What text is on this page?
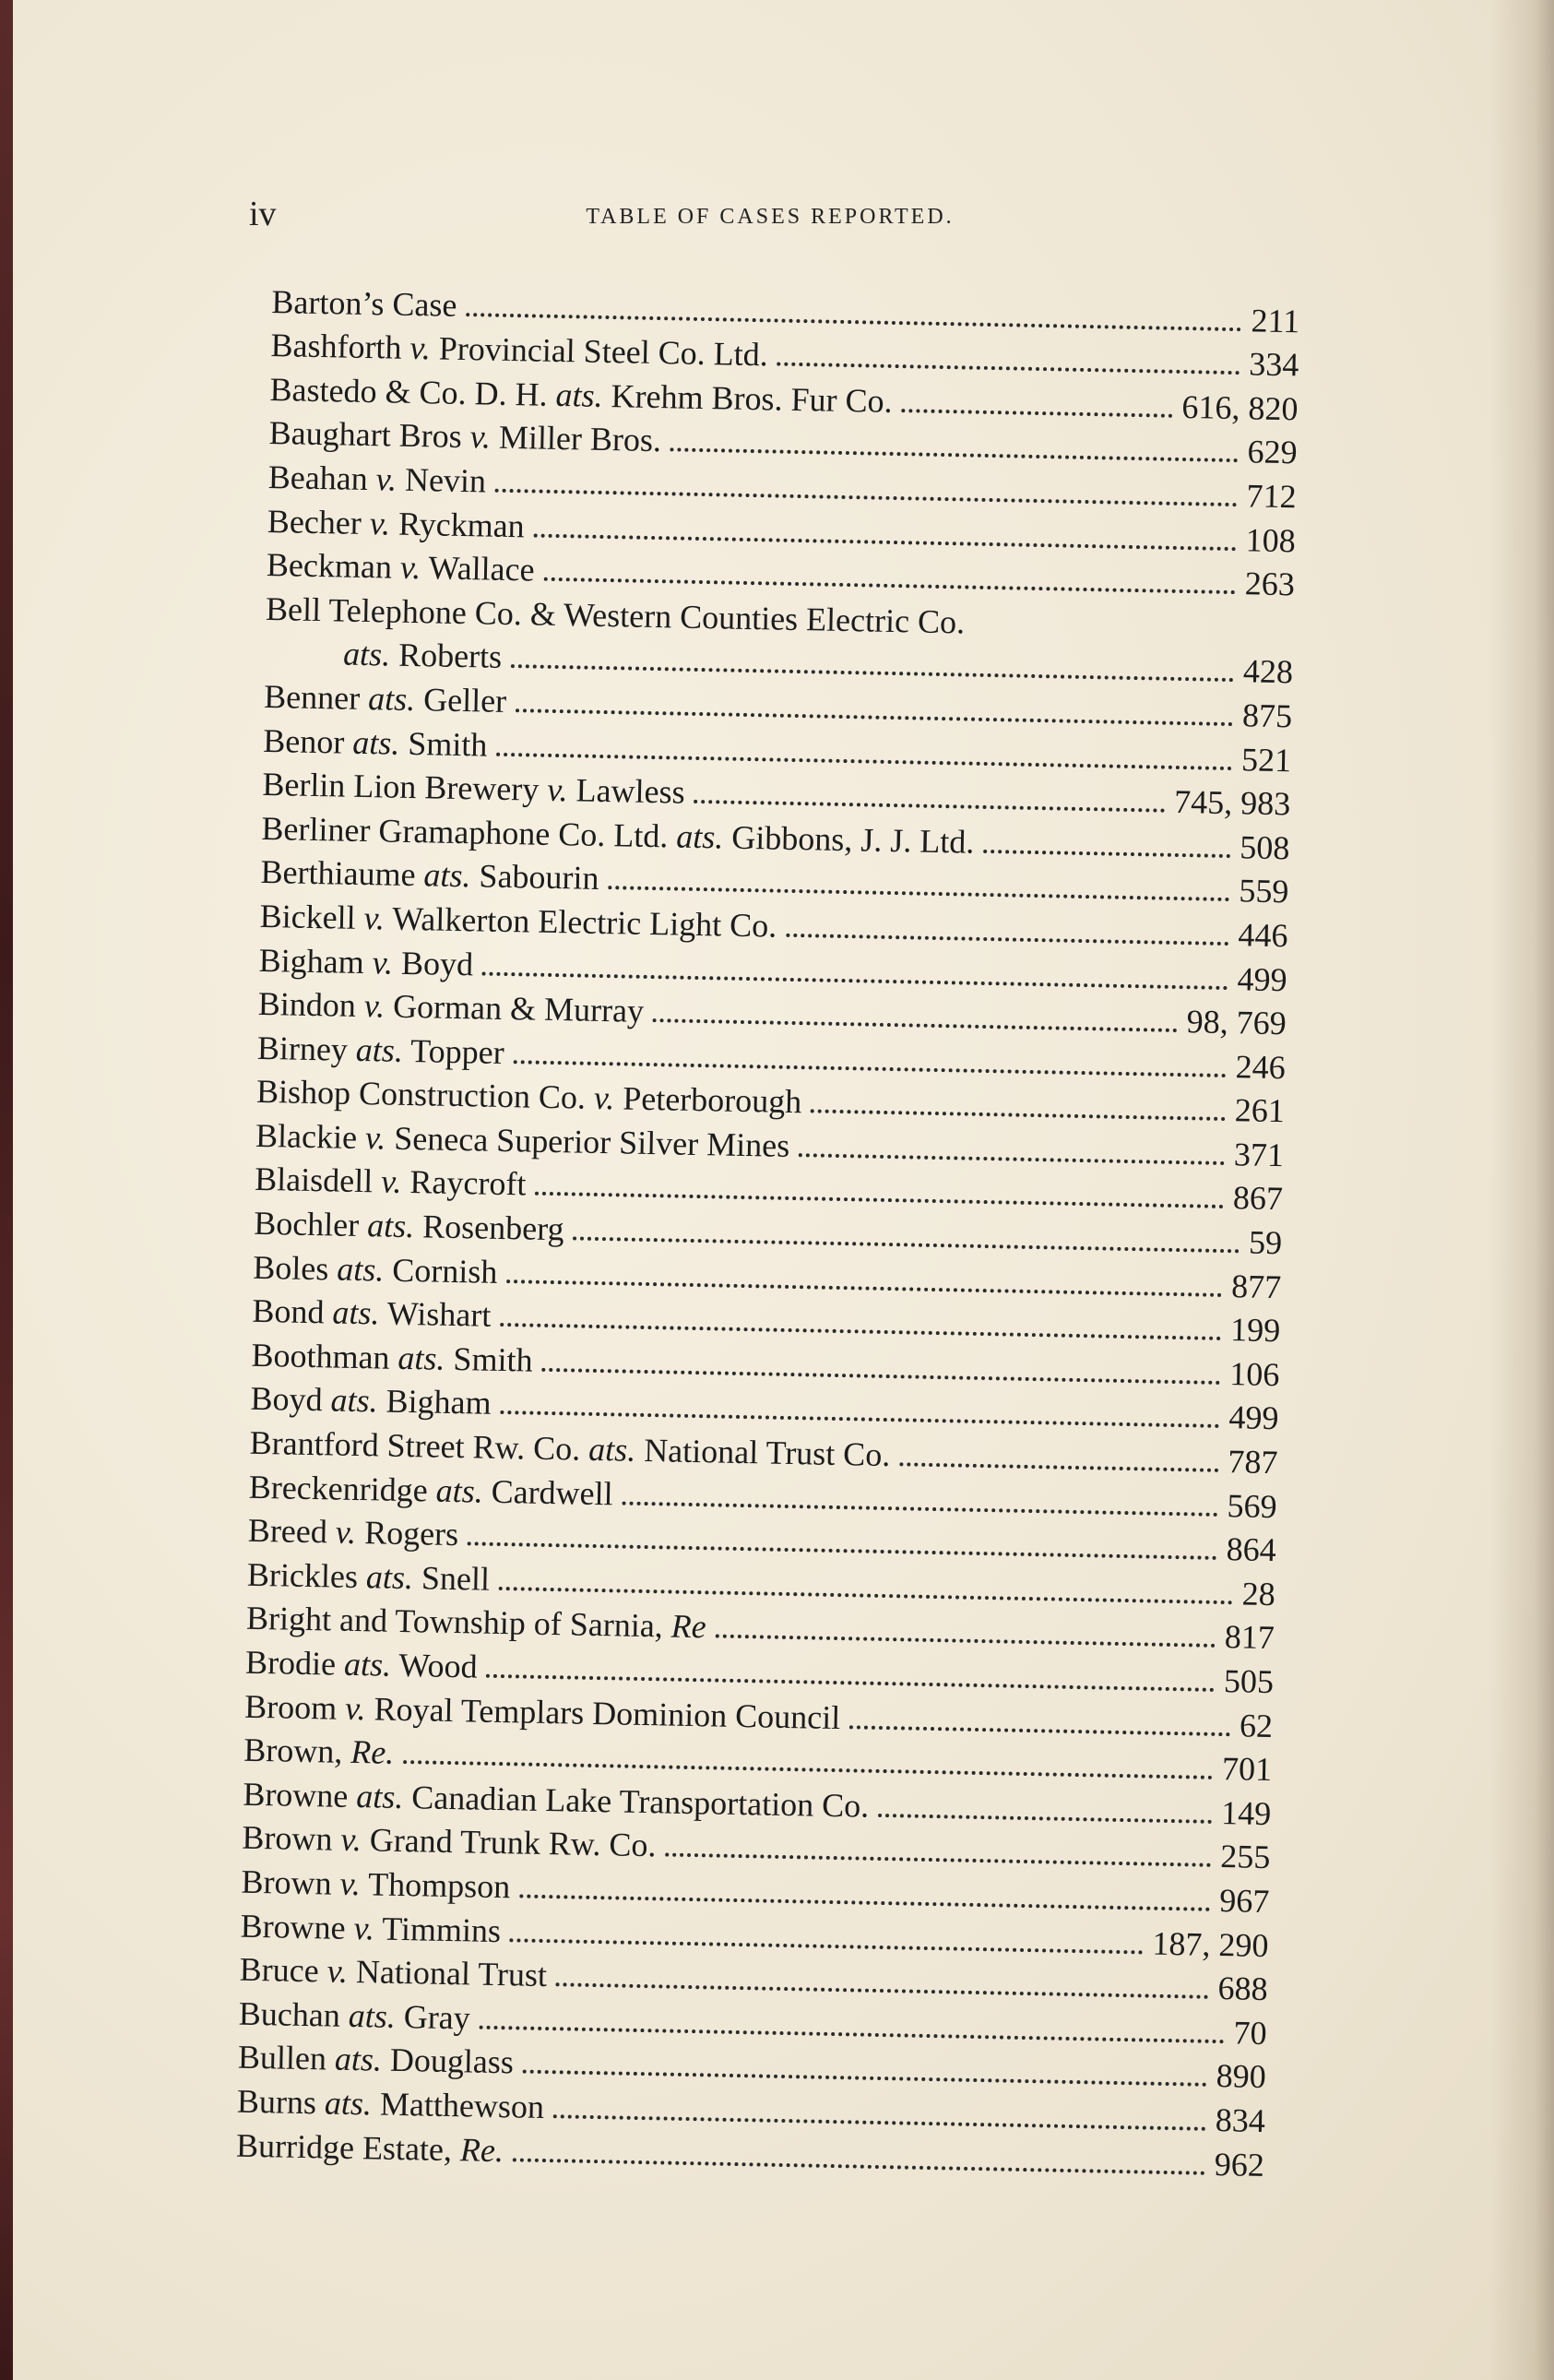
iv	TABLE OF CASES REPORTED.
Barton’s Case	211
Bashforth v. Provincial Steel Co. Ltd.	334
Bastedo & Co. D. H. ats. Krehm Bros. Fur Co.	616, 820
Baughart Bros v. Miller Bros.	629
Beahan v. Nevin	712
Becher v. Ryckman	108
Beckman v. Wallace	263
Bell Telephone Co. & Western Counties Electric Co.
ats. Roberts	428
Benner ats. Geller	875
Benor ats. Smith	521
Berlin Lion Brewery v. Lawless	745, 983
Berliner Gramaphone Co. Ltd. ats. Gibbons, J. J. Ltd.	508
Berthiaume ats. Sabourin	559
Bickell v. Walkerton Electric Light Co.	446
Bigham v. Boyd	499
Bindon v. Gorman & Murray	98, 769
Birney ats. Topper	246
Bishop Construction Co. v. Peterborough	261
Blackie v. Seneca Superior Silver Mines	371
Blaisdell v. Raycroft	867
Bochler ats. Rosenberg	59
Boles ats. Cornish	877
Bond ats. Wishart	199
Boothman ats. Smith	106
Boyd ats. Bigham	499
Brantford Street Rw. Co. ats. National Trust Co.	787
Breckenridge ats. Cardwell	569
Breed v. Rogers	864
Brickles ats. Snell	28
Bright and Township of Sarnia, Re	817
Brodie ats. Wood	505
Broom v. Royal Templars Dominion Council	62
Brown, Re.	701
Browne ats. Canadian Lake Transportation Co.	149
Brown v. Grand Trunk Rw. Co.	255
Brown v. Thompson	967
Browne v. Timmins	187, 290
Bruce v. National Trust	688
Buchan ats. Gray	70
Bullen ats. Douglass	890
Burns ats. Matthewson	834
Burridge Estate, Re.	962
